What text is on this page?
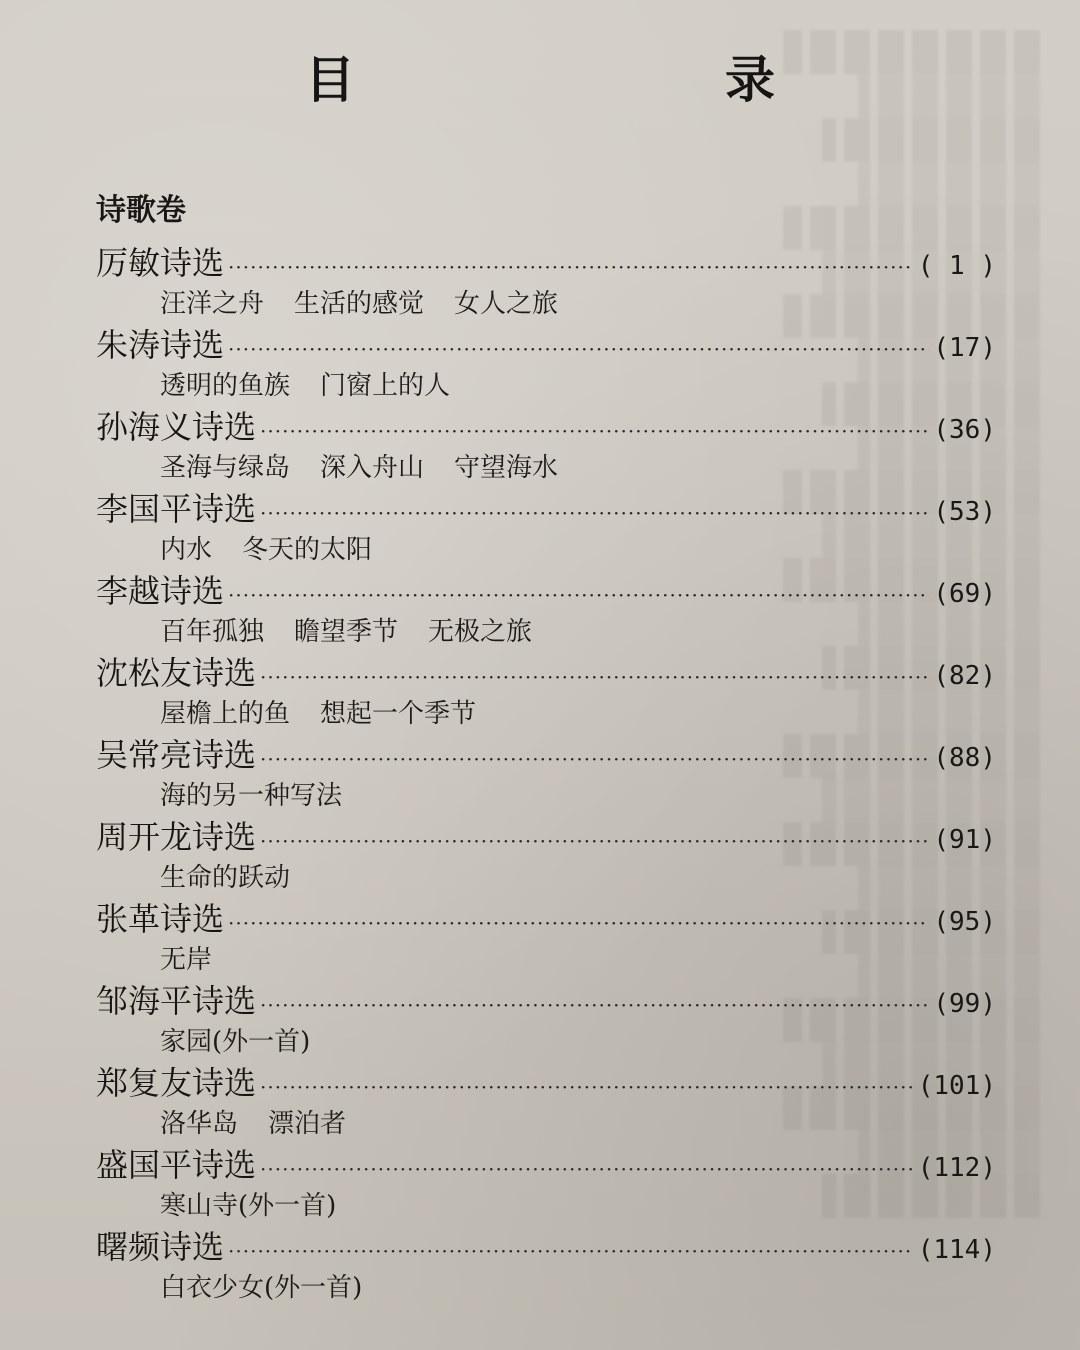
目　录
诗歌卷
厉敏诗选 ·····	( 1 )
汪洋之舟 生活的感觉 女人之旅
朱涛诗选 ·····	(17)
透明的鱼族 门窗上的人
孙海义诗选 ·····	(36)
圣海与绿岛 深入舟山 守望海水
李国平诗选 ·····	(53)
内水 冬天的太阳
李越诗选 ·····	(69)
百年孤独 瞻望季节 无极之旅
沈松友诗选 ·····	(82)
屋檐上的鱼 想起一个季节
吴常亮诗选 ·····	(88)
海的另一种写法
周开龙诗选 ·····	(91)
生命的跃动
张革诗选 ·····	(95)
无岸
邹海平诗选 ·····	(99)
家园(外一首)
郑复友诗选 ·····	(101)
洛华岛 漂泊者
盛国平诗选 ·····	(112)
寒山寺(外一首)
曙频诗选 ·····	(114)
白衣少女(外一首)
